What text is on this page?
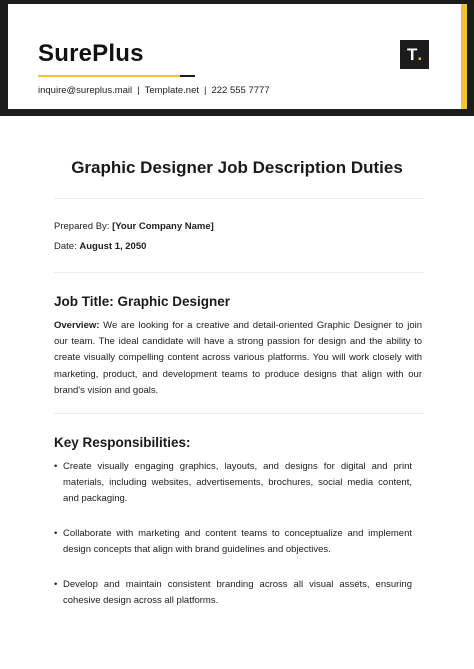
SurePlus
inquire@sureplus.mail | Template.net | 222 555 7777
T .
Graphic Designer Job Description Duties
Prepared By: [Your Company Name]
Date: August 1, 2050
Job Title: Graphic Designer
Overview: We are looking for a creative and detail-oriented Graphic Designer to join our team. The ideal candidate will have a strong passion for design and the ability to create visually compelling content across various platforms. You will work closely with marketing, product, and development teams to produce designs that align with our brand's vision and goals.
Key Responsibilities:
• Create visually engaging graphics, layouts, and designs for digital and print materials, including websites, advertisements, brochures, social media content, and packaging.
• Collaborate with marketing and content teams to conceptualize and implement design concepts that align with brand guidelines and objectives.
• Develop and maintain consistent branding across all visual assets, ensuring cohesive design across all platforms.
